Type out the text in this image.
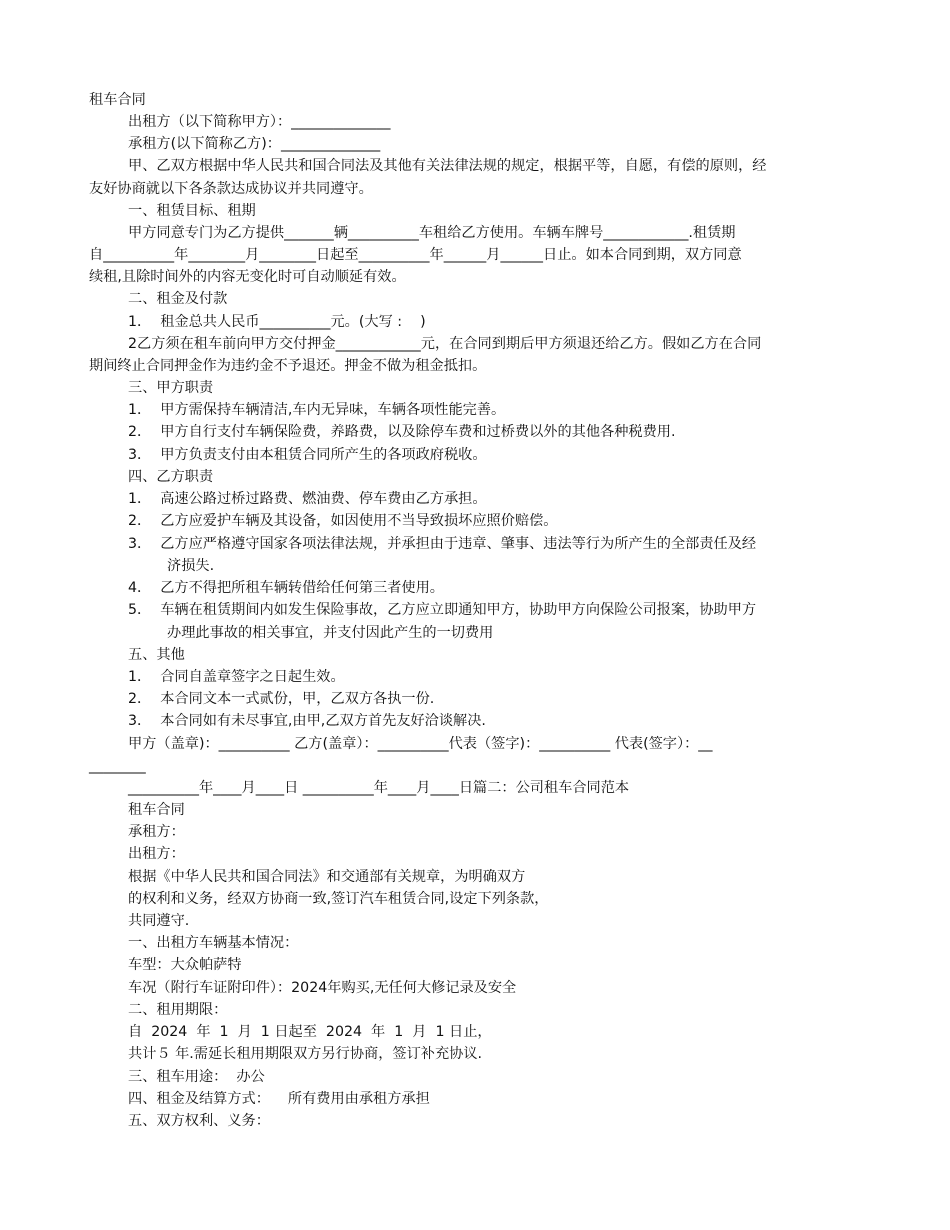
租车合同
出租方（以下简称甲方）：______________
承租方(以下简称乙方)：______________
甲、乙双方根据中华人民共和国合同法及其他有关法律法规的规定，根据平等，自愿，有偿的原则，经
友好协商就以下各条款达成协议并共同遵守。
一、租赁目标、租期
甲方同意专门为乙方提供_______辆__________车租给乙方使用。车辆车牌号____________.租赁期
自__________年________月________日起至__________年______月______日止。如本合同到期，双方同意
续租,且除时间外的内容无变化时可自动顺延有效。
二、租金及付款
1．  租金总共人民币__________元。(大写 :    )
2乙方须在租车前向甲方交付押金____________元，在合同到期后甲方须退还给乙方。假如乙方在合同
期间终止合同押金作为违约金不予退还。押金不做为租金抵扣。
三、甲方职责
1．  甲方需保持车辆清洁,车内无异味，车辆各项性能完善。
2．  甲方自行支付车辆保险费，养路费，以及除停车费和过桥费以外的其他各种税费用.
3．  甲方负责支付由本租赁合同所产生的各项政府税收。
四、乙方职责
1．  高速公路过桥过路费、燃油费、停车费由乙方承担。
2．  乙方应爱护车辆及其设备，如因使用不当导致损坏应照价赔偿。
3．  乙方应严格遵守国家各项法律法规，并承担由于违章、肇事、违法等行为所产生的全部责任及经
济损失.
4．  乙方不得把所租车辆转借给任何第三者使用。
5．  车辆在租赁期间内如发生保险事故，乙方应立即通知甲方，协助甲方向保险公司报案，协助甲方
办理此事故的相关事宜，并支付因此产生的一切费用
五、其他
1．  合同自盖章签字之日起生效。
2．  本合同文本一式贰份，甲，乙双方各执一份.
3．  本合同如有未尽事宜,由甲,乙双方首先友好洽谈解决.
甲方（盖章)：__________ 乙方(盖章）：__________代表（签字)：__________ 代表(签字）：__
________
__________年____月____日 __________年____月____日篇二：公司租车合同范本
租车合同
承租方：
出租方：
根据《中华人民共和国合同法》和交通部有关规章，为明确双方
的权利和义务，经双方协商一致,签订汽车租赁合同,设定下列条款，
共同遵守.
一、出租方车辆基本情况：
车型：大众帕萨特
车况（附行车证附印件）：2024年购买,无任何大修记录及安全
二、租用期限：
自  2024  年  1  月  1 日起至  2024  年  1  月  1 日止，
共计５ 年.需延长租用期限双方另行协商，签订补充协议.
三、租车用途：  办公
四、租金及结算方式：    所有费用由承租方承担
五、双方权利、义务：
